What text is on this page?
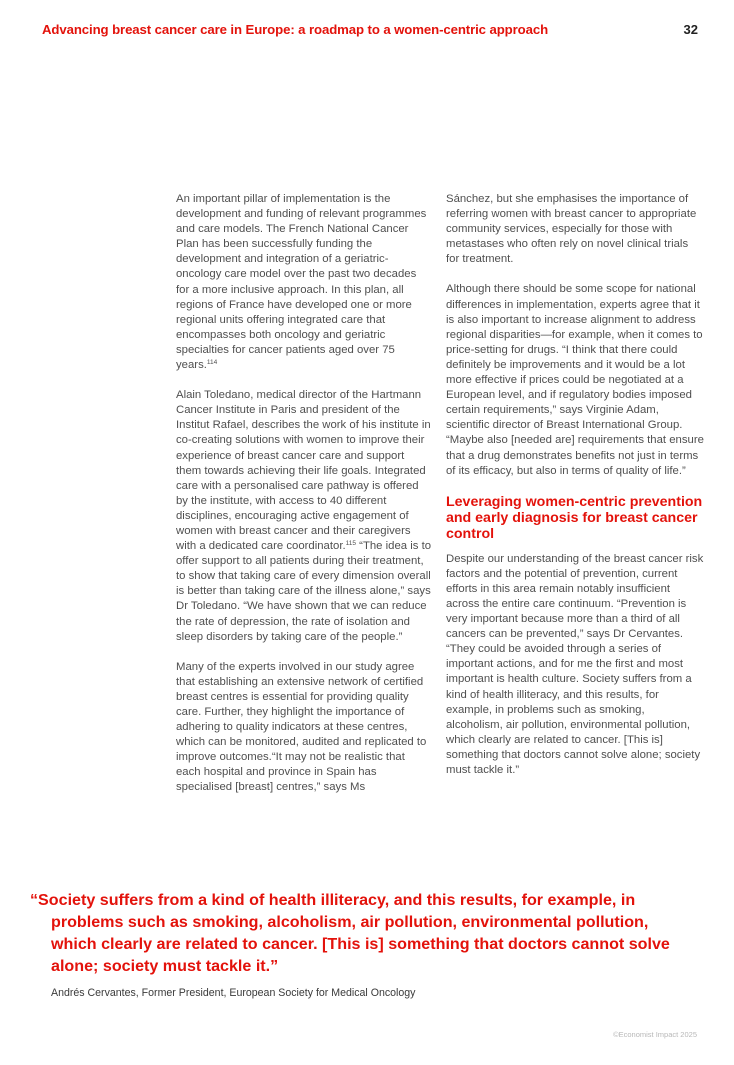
Advancing breast cancer care in Europe: a roadmap to a women-centric approach	32

An important pillar of implementation is the development and funding of relevant programmes and care models. The French National Cancer Plan has been successfully funding the development and integration of a geriatric-oncology care model over the past two decades for a more inclusive approach. In this plan, all regions of France have developed one or more regional units offering integrated care that encompasses both oncology and geriatric specialties for cancer patients aged over 75 years.$^{114}$

Alain Toledano, medical director of the Hartmann Cancer Institute in Paris and president of the Institut Rafael, describes the work of his institute in co-creating solutions with women to improve their experience of breast cancer care and support them towards achieving their life goals. Integrated care with a personalised care pathway is offered by the institute, with access to 40 different disciplines, encouraging active engagement of women with breast cancer and their caregivers with a dedicated care coordinator.$^{115}$ “The idea is to offer support to all patients during their treatment, to show that taking care of every dimension overall is better than taking care of the illness alone,” says Dr Toledano. “We have shown that we can reduce the rate of depression, the rate of isolation and sleep disorders by taking care of the people.”

Many of the experts involved in our study agree that establishing an extensive network of certified breast centres is essential for providing quality care. Further, they highlight the importance of adhering to quality indicators at these centres, which can be monitored, audited and replicated to improve outcomes.“It may not be realistic that each hospital and province in Spain has specialised [breast] centres,” says Ms

Sánchez, but she emphasises the importance of referring women with breast cancer to appropriate community services, especially for those with metastases who often rely on novel clinical trials for treatment.

Although there should be some scope for national differences in implementation, experts agree that it is also important to increase alignment to address regional disparities—for example, when it comes to price-setting for drugs. “I think that there could definitely be improvements and it would be a lot more effective if prices could be negotiated at a European level, and if regulatory bodies imposed certain requirements,” says Virginie Adam, scientific director of Breast International Group. “Maybe also [needed are] requirements that ensure that a drug demonstrates benefits not just in terms of its efficacy, but also in terms of quality of life.”

Leveraging women-centric prevention and early diagnosis for breast cancer control

Despite our understanding of the breast cancer risk factors and the potential of prevention, current efforts in this area remain notably insufficient across the entire care continuum. “Prevention is very important because more than a third of all cancers can be prevented,” says Dr Cervantes. “They could be avoided through a series of important actions, and for me the first and most important is health culture. Society suffers from a kind of health illiteracy, and this results, for example, in problems such as smoking, alcoholism, air pollution, environmental pollution, which clearly are related to cancer. [This is] something that doctors cannot solve alone; society must tackle it.”

“Society suffers from a kind of health illiteracy, and this results, for example, in problems such as smoking, alcoholism, air pollution, environmental pollution, which clearly are related to cancer. [This is] something that doctors cannot solve alone; society must tackle it.”

Andrés Cervantes, Former President, European Society for Medical Oncology

©Economist Impact 2025
